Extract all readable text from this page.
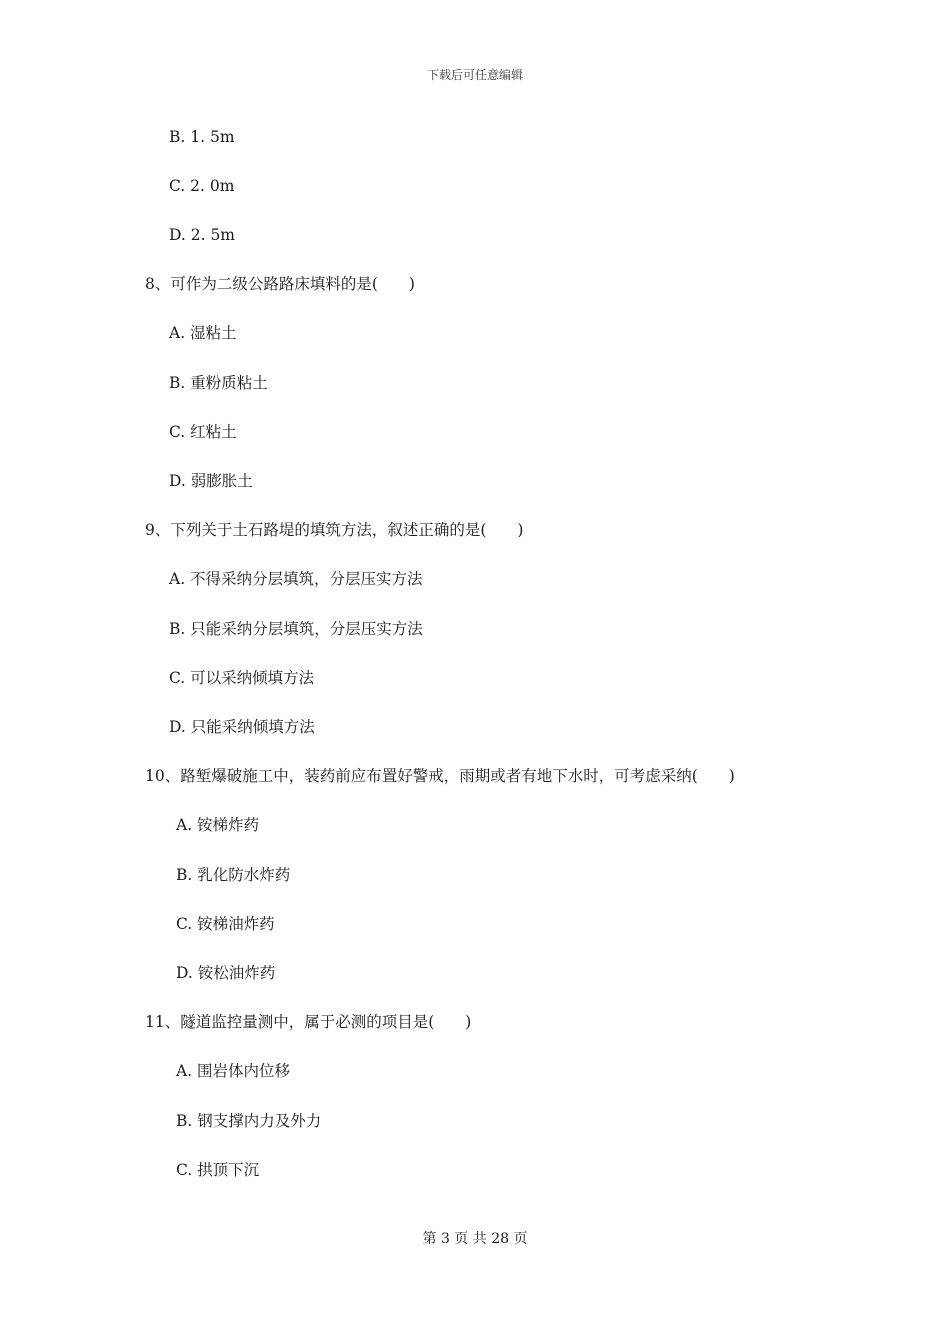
下载后可任意编辑
B. 1. 5m
C. 2. 0m
D. 2. 5m
8、可作为二级公路路床填料的是(　　)
A. 湿粘土
B. 重粉质粘土
C. 红粘土
D. 弱膨胀土
9、下列关于土石路堤的填筑方法，叙述正确的是(　　)
A. 不得采纳分层填筑，分层压实方法
B. 只能采纳分层填筑，分层压实方法
C. 可以采纳倾填方法
D. 只能采纳倾填方法
10、路堑爆破施工中，装药前应布置好警戒，雨期或者有地下水时，可考虑采纳(　　)
A. 铵梯炸药
B. 乳化防水炸药
C. 铵梯油炸药
D. 铵松油炸药
11、隧道监控量测中，属于必测的项目是(　　)
A. 围岩体内位移
B. 钢支撑内力及外力
C. 拱顶下沉
第 3 页 共 28 页
